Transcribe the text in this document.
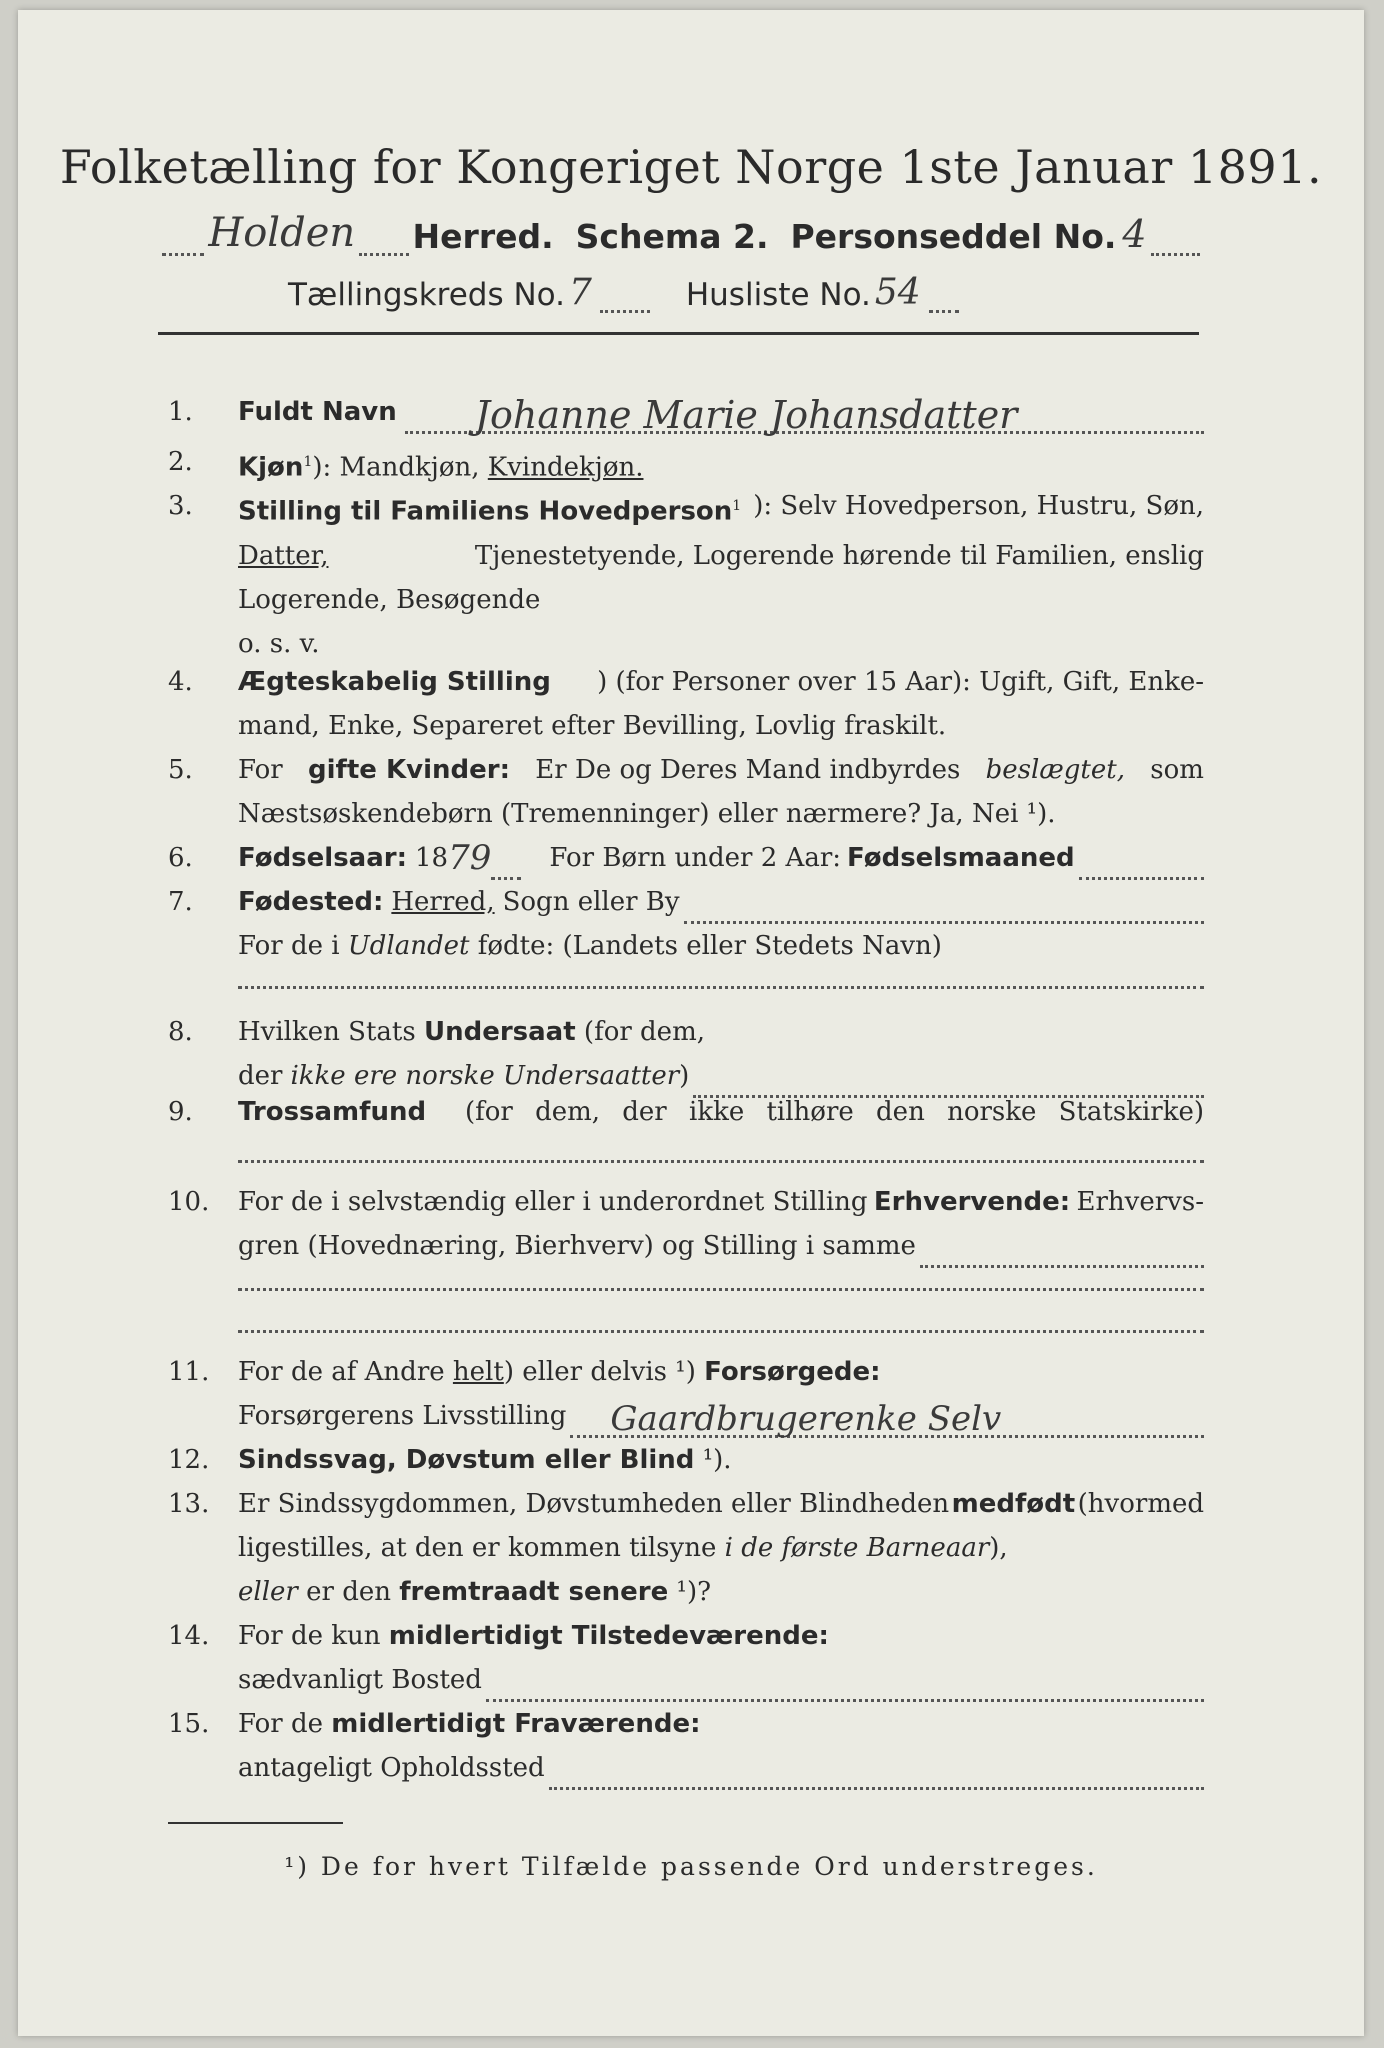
Folketælling for Kongeriget Norge 1ste Januar 1891.
Holden Herred. Schema 2. Personseddel No. 4
Tællingskreds No. 7	Husliste No. 54
1.	Fuldt Navn Johanne Marie Johansdatter
2.	Kjøn$^1$): Mandkjøn, Kvindekjøn.
3.	Stilling til Familiens Hovedperson$^1$ ): Selv Hovedperson, Hustru, Søn,
Datter,	Tjenestetyende, Logerende hørende til Familien, enslig
Logerende, Besøgende
o. s. v.
4.	Ægteskabelig Stilling ) (for Personer over 15 Aar): Ugift, Gift, Enke-
mand, Enke, Separeret efter Bevilling, Lovlig fraskilt.
5.	For gifte Kvinder: Er De og Deres Mand indbyrdes beslægtet, som
Næstsøskendebørn (Tremenninger) eller nærmere? Ja, Nei ¹).
6.	Fødselsaar: 18 79 For Børn under 2 Aar: Fødselsmaaned
7.	Fødested: Herred, Sogn eller By
For de i Udlandet fødte: (Landets eller Stedets Navn)
8.	Hvilken Stats Undersaat (for dem,
der ikke ere norske Undersaatter )
9.	Trossamfund (for dem, der ikke tilhøre den norske Statskirke)
10.	For de i selvstændig eller i underordnet Stilling Erhvervende: Erhvervs-
gren (Hovednæring, Bierhverv) og Stilling i samme
11.	For de af Andre helt) eller delvis ¹) Forsørgede:
Forsørgerens Livsstilling Gaardbrugerenke Selv
12.	Sindssvag, Døvstum eller Blind ¹).
13.	Er Sindssygdommen, Døvstumheden eller Blindheden medfødt (hvormed
ligestilles, at den er kommen tilsyne i de første Barneaar),
eller er den fremtraadt senere ¹)?
14.	For de kun midlertidigt Tilstedeværende:
sædvanligt Bosted
15.	For de midlertidigt Fraværende:
antageligt Opholdssted
¹) De for hvert Tilfælde passende Ord understreges.
